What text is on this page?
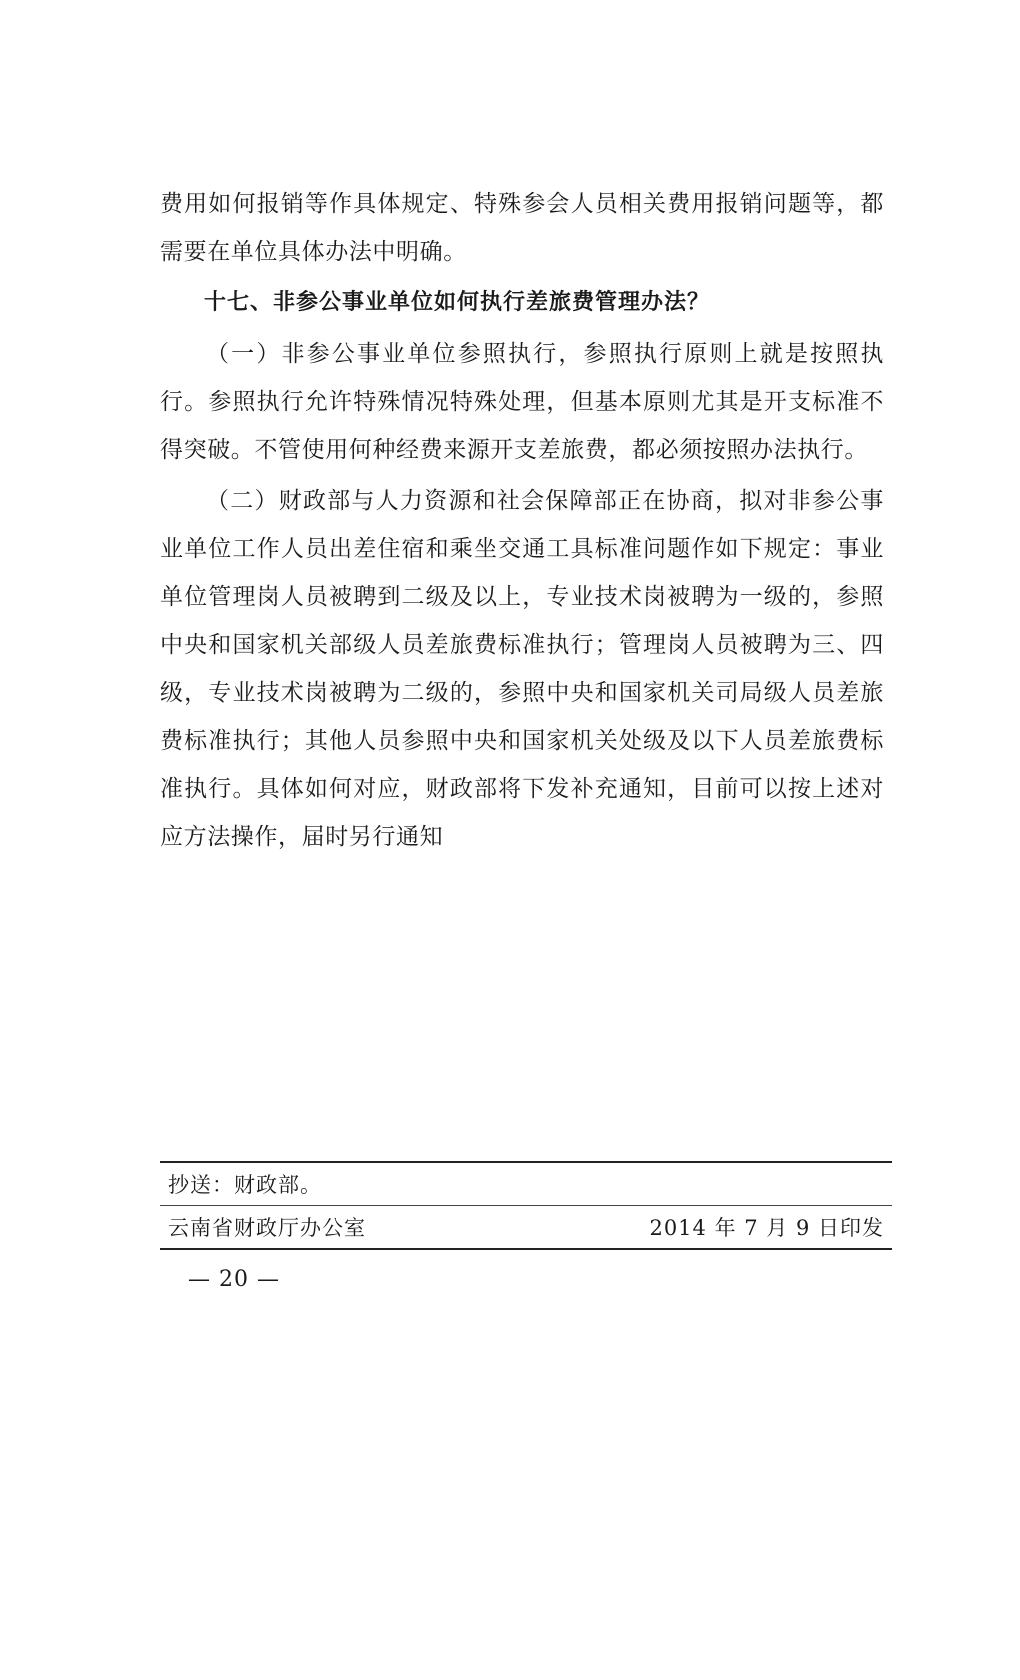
费用如何报销等作具体规定、特殊参会人员相关费用报销问题等，都需要在单位具体办法中明确。

十七、非参公事业单位如何执行差旅费管理办法？

（一）非参公事业单位参照执行，参照执行原则上就是按照执行。参照执行允许特殊情况特殊处理，但基本原则尤其是开支标准不得突破。不管使用何种经费来源开支差旅费，都必须按照办法执行。

（二）财政部与人力资源和社会保障部正在协商，拟对非参公事业单位工作人员出差住宿和乘坐交通工具标准问题作如下规定：事业单位管理岗人员被聘到二级及以上，专业技术岗被聘为一级的，参照中央和国家机关部级人员差旅费标准执行；管理岗人员被聘为三、四级，专业技术岗被聘为二级的，参照中央和国家机关司局级人员差旅费标准执行；其他人员参照中央和国家机关处级及以下人员差旅费标准执行。具体如何对应，财政部将下发补充通知，目前可以按上述对应方法操作，届时另行通知

抄送：财政部。
云南省财政厅办公室	2014 年 7 月 9 日印发
— 20 —
